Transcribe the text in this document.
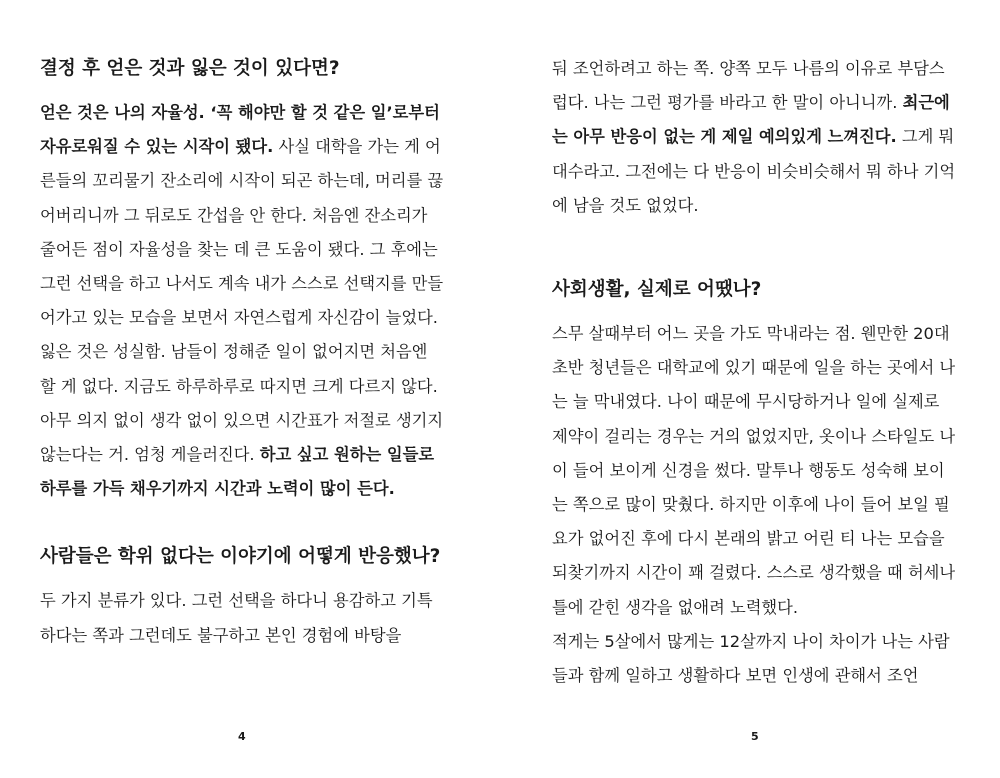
결정 후 얻은 것과 잃은 것이 있다면?

얻은 것은 나의 자율성. ‘꼭 해야만 할 것 같은 일’로부터 자유로워질 수 있는 시작이 됐다. 사실 대학을 가는 게 어른들의 꼬리물기 잔소리에 시작이 되곤 하는데, 머리를 끊어버리니까 그 뒤로도 간섭을 안 한다. 처음엔 잔소리가 줄어든 점이 자율성을 찾는 데 큰 도움이 됐다. 그 후에는 그런 선택을 하고 나서도 계속 내가 스스로 선택지를 만들어가고 있는 모습을 보면서 자연스럽게 자신감이 늘었다.

잃은 것은 성실함. 남들이 정해준 일이 없어지면 처음엔 할 게 없다. 지금도 하루하루로 따지면 크게 다르지 않다. 아무 의지 없이 생각 없이 있으면 시간표가 저절로 생기지 않는다는 거. 엄청 게을러진다. 하고 싶고 원하는 일들로 하루를 가득 채우기까지 시간과 노력이 많이 든다.

사람들은 학위 없다는 이야기에 어떻게 반응했나?

두 가지 분류가 있다. 그런 선택을 하다니 용감하고 기특하다는 쪽과 그런데도 불구하고 본인 경험에 바탕을

4

둬 조언하려고 하는 쪽. 양쪽 모두 나름의 이유로 부담스럽다. 나는 그런 평가를 바라고 한 말이 아니니까. 최근에는 아무 반응이 없는 게 제일 예의있게 느껴진다. 그게 뭐 대수라고. 그전에는 다 반응이 비슷비슷해서 뭐 하나 기억에 남을 것도 없었다.

사회생활, 실제로 어땠나?

스무 살때부터 어느 곳을 가도 막내라는 점. 웬만한 20대 초반 청년들은 대학교에 있기 때문에 일을 하는 곳에서 나는 늘 막내였다. 나이 때문에 무시당하거나 일에 실제로 제약이 걸리는 경우는 거의 없었지만, 옷이나 스타일도 나이 들어 보이게 신경을 썼다. 말투나 행동도 성숙해 보이는 쪽으로 많이 맞췄다. 하지만 이후에 나이 들어 보일 필요가 없어진 후에 다시 본래의 밝고 어린 티 나는 모습을 되찾기까지 시간이 꽤 걸렸다. 스스로 생각했을 때 허세나 틀에 갇힌 생각을 없애려 노력했다.

적게는 5살에서 많게는 12살까지 나이 차이가 나는 사람들과 함께 일하고 생활하다 보면 인생에 관해서 조언

5
